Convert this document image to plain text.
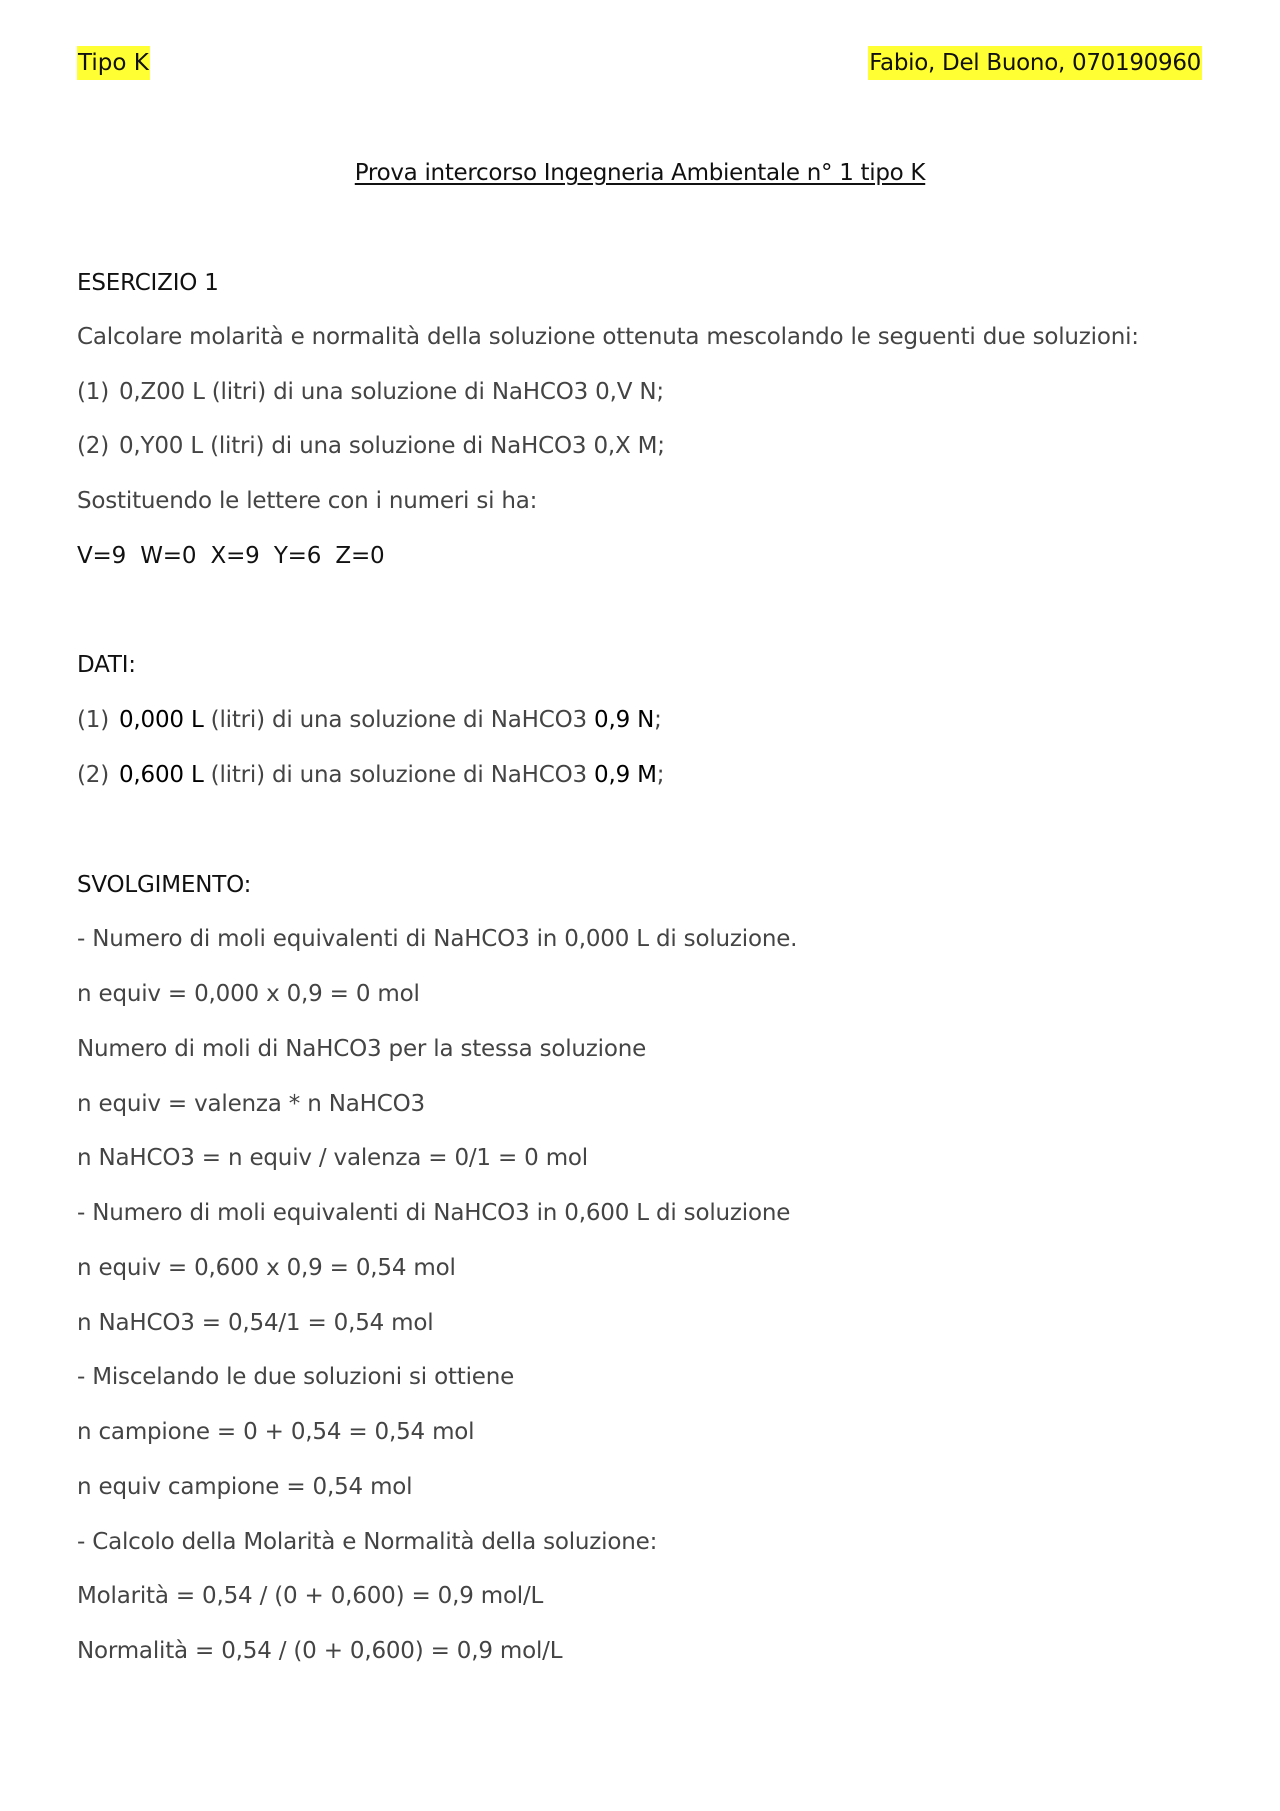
Tipo K	Fabio, Del Buono, 070190960
Prova intercorso Ingegneria Ambientale n° 1 tipo K
ESERCIZIO 1
Calcolare molarità e normalità della soluzione ottenuta mescolando le seguenti due soluzioni:
(1) 0,Z00 L (litri) di una soluzione di NaHCO3 0,V N;
(2) 0,Y00 L (litri) di una soluzione di NaHCO3 0,X M;
Sostituendo le lettere con i numeri si ha:
V=9  W=0  X=9  Y=6  Z=0
DATI:
(1) 0,000 L (litri) di una soluzione di NaHCO3 0,9 N;
(2) 0,600 L (litri) di una soluzione di NaHCO3 0,9 M;
SVOLGIMENTO:
- Numero di moli equivalenti di NaHCO3 in 0,000 L di soluzione.
n equiv = 0,000 x 0,9 = 0 mol
Numero di moli di NaHCO3 per la stessa soluzione
n equiv = valenza * n NaHCO3
n NaHCO3 = n equiv / valenza = 0/1 = 0 mol
- Numero di moli equivalenti di NaHCO3 in 0,600 L di soluzione
n equiv = 0,600 x 0,9 = 0,54 mol
n NaHCO3 = 0,54/1 = 0,54 mol
- Miscelando le due soluzioni si ottiene
n campione = 0 + 0,54 = 0,54 mol
n equiv campione = 0,54 mol
- Calcolo della Molarità e Normalità della soluzione:
Molarità = 0,54 / (0 + 0,600) = 0,9 mol/L
Normalità = 0,54 / (0 + 0,600) = 0,9 mol/L
